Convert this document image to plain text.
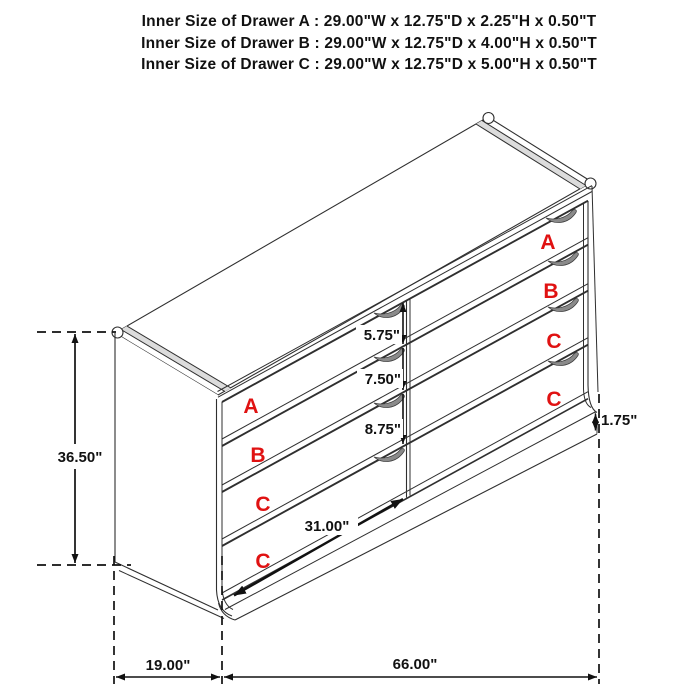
Inner Size of Drawer A : 29.00"W x 12.75"D x 2.25"H x 0.50"T
Inner Size of Drawer B : 29.00"W x 12.75"D x 4.00"H x 0.50"T
Inner Size of Drawer C : 29.00"W x 12.75"D x 5.00"H x 0.50"T
36.50"
5.75"
7.50"
8.75"
31.00"
1.75"
19.00"	66.00"
A
B
C
C
A
B
C
C
